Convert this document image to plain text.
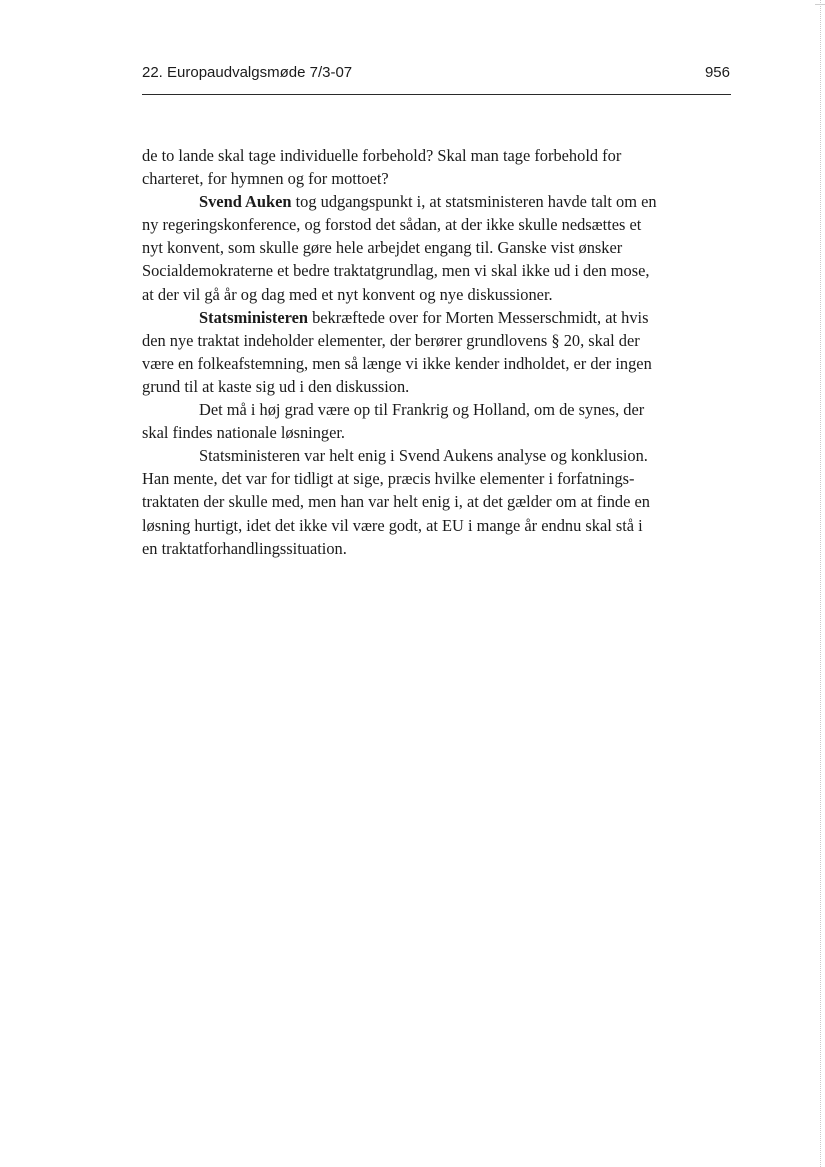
22. Europaudvalgsmøde 7/3-07	956
de to lande skal tage individuelle forbehold? Skal man tage forbehold for
charteret, for hymnen og for mottoet?
Svend Auken tog udgangspunkt i, at statsministeren havde talt om en
ny regeringskonference, og forstod det sådan, at der ikke skulle nedsættes et
nyt konvent, som skulle gøre hele arbejdet engang til. Ganske vist ønsker
Socialdemokraterne et bedre traktatgrundlag, men vi skal ikke ud i den mose,
at der vil gå år og dag med et nyt konvent og nye diskussioner.
Statsministeren bekræftede over for Morten Messerschmidt, at hvis
den nye traktat indeholder elementer, der berører grundlovens § 20, skal der
være en folkeafstemning, men så længe vi ikke kender indholdet, er der ingen
grund til at kaste sig ud i den diskussion.
Det må i høj grad være op til Frankrig og Holland, om de synes, der
skal findes nationale løsninger.
Statsministeren var helt enig i Svend Aukens analyse og konklusion.
Han mente, det var for tidligt at sige, præcis hvilke elementer i forfatnings-
traktaten der skulle med, men han var helt enig i, at det gælder om at finde en
løsning hurtigt, idet det ikke vil være godt, at EU i mange år endnu skal stå i
en traktatforhandlingssituation.
